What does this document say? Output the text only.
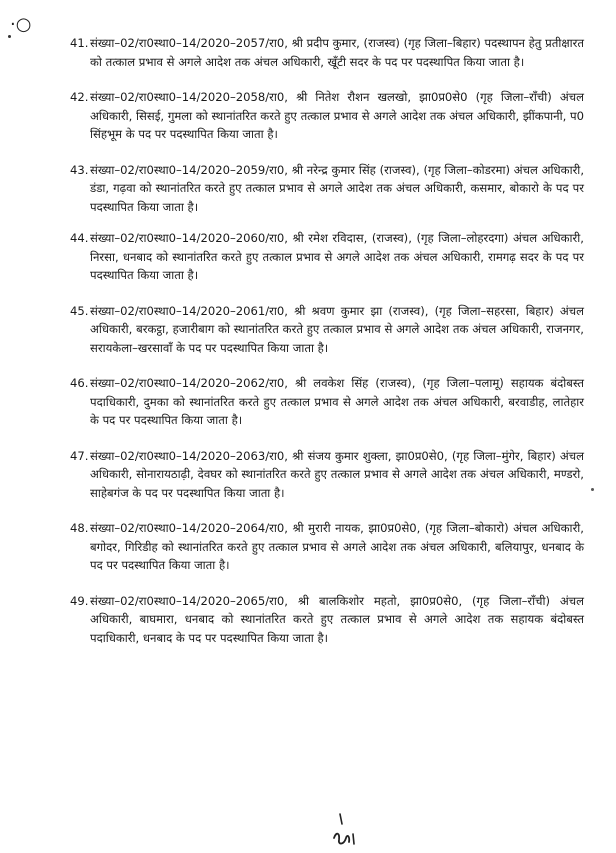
·○
41. संख्या–02/रा0स्था0–14/2020–2057/रा0, श्री प्रदीप कुमार, (राजस्व) (गृह जिला–बिहार) पदस्थापन हेतु प्रतीक्षारत को तत्काल प्रभाव से अगले आदेश तक अंचल अधिकारी, खूँटी सदर के पद पर पदस्थापित किया जाता है।
42. संख्या–02/रा0स्था0–14/2020–2058/रा0, श्री नितेश रौशन खलखो, झा0प्र0से0 (गृह जिला–राँची) अंचल अधिकारी, सिसई, गुमला को स्थानांतरित करते हुए तत्काल प्रभाव से अगले आदेश तक अंचल अधिकारी, झींकपानी, प0 सिंहभूम के पद पर पदस्थापित किया जाता है।
43. संख्या–02/रा0स्था0–14/2020–2059/रा0, श्री नरेन्द्र कुमार सिंह (राजस्व), (गृह जिला–कोडरमा) अंचल अधिकारी, डंडा, गढ़वा को स्थानांतरित करते हुए तत्काल प्रभाव से अगले आदेश तक अंचल अधिकारी, कसमार, बोकारो के पद पर पदस्थापित किया जाता है।
44. संख्या–02/रा0स्था0–14/2020–2060/रा0, श्री रमेश रविदास, (राजस्व), (गृह जिला–लोहरदगा) अंचल अधिकारी, निरसा, धनबाद को स्थानांतरित करते हुए तत्काल प्रभाव से अगले आदेश तक अंचल अधिकारी, रामगढ़ सदर के पद पर पदस्थापित किया जाता है।
45. संख्या–02/रा0स्था0–14/2020–2061/रा0, श्री श्रवण कुमार झा (राजस्व), (गृह जिला–सहरसा, बिहार) अंचल अधिकारी, बरकट्ठा, हजारीबाग को स्थानांतरित करते हुए तत्काल प्रभाव से अगले आदेश तक अंचल अधिकारी, राजनगर, सरायकेला–खरसावाँ के पद पर पदस्थापित किया जाता है।
46. संख्या–02/रा0स्था0–14/2020–2062/रा0, श्री लवकेश सिंह (राजस्व), (गृह जिला–पलामू) सहायक बंदोबस्त पदाधिकारी, दुमका को स्थानांतरित करते हुए तत्काल प्रभाव से अगले आदेश तक अंचल अधिकारी, बरवाडीह, लातेहार के पद पर पदस्थापित किया जाता है।
47. संख्या–02/रा0स्था0–14/2020–2063/रा0, श्री संजय कुमार शुक्ला, झा0प्र0से0, (गृह जिला–मुंगेर, बिहार) अंचल अधिकारी, सोनारायठाढ़ी, देवघर को स्थानांतरित करते हुए तत्काल प्रभाव से अगले आदेश तक अंचल अधिकारी, मण्डरो, साहेबगंज के पद पर पदस्थापित किया जाता है।
48. संख्या–02/रा0स्था0–14/2020–2064/रा0, श्री मुरारी नायक, झा0प्र0से0, (गृह जिला–बोकारो) अंचल अधिकारी, बगोदर, गिरिडीह को स्थानांतरित करते हुए तत्काल प्रभाव से अगले आदेश तक अंचल अधिकारी, बलियापुर, धनबाद के पद पर पदस्थापित किया जाता है।
49. संख्या–02/रा0स्था0–14/2020–2065/रा0, श्री बालकिशोर महतो, झा0प्र0से0, (गृह जिला–राँची) अंचल अधिकारी, बाघमारा, धनबाद को स्थानांतरित करते हुए तत्काल प्रभाव से अगले आदेश तक सहायक बंदोबस्त पदाधिकारी, धनबाद के पद पर पदस्थापित किया जाता है।
